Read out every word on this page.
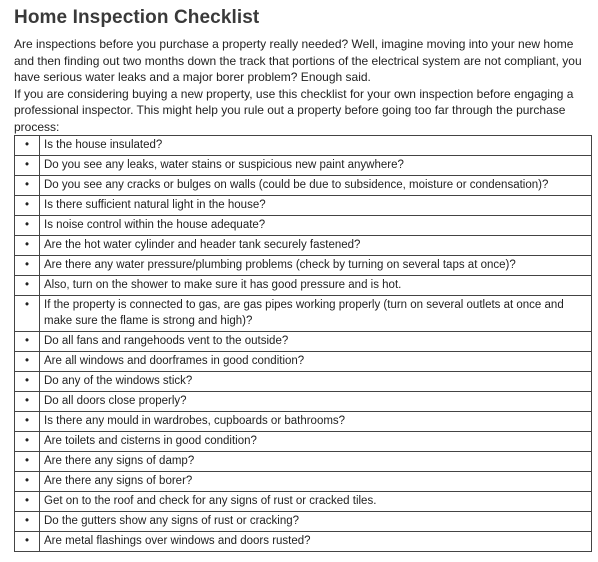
Home Inspection Checklist

Are inspections before you purchase a property really needed? Well, imagine moving into your new home and then finding out two months down the track that portions of the electrical system are not compliant, you have serious water leaks and a major borer problem? Enough said.

If you are considering buying a new property, use this checklist for your own inspection before engaging a professional inspector. This might help you rule out a property before going too far through the purchase process:

•	Is the house insulated?
•	Do you see any leaks, water stains or suspicious new paint anywhere?
•	Do you see any cracks or bulges on walls (could be due to subsidence, moisture or condensation)?
•	Is there sufficient natural light in the house?
•	Is noise control within the house adequate?
•	Are the hot water cylinder and header tank securely fastened?
•	Are there any water pressure/plumbing problems (check by turning on several taps at once)?
•	Also, turn on the shower to make sure it has good pressure and is hot.
•	If the property is connected to gas, are gas pipes working properly (turn on several outlets at once and make sure the flame is strong and high)?
•	Do all fans and rangehoods vent to the outside?
•	Are all windows and doorframes in good condition?
•	Do any of the windows stick?
•	Do all doors close properly?
•	Is there any mould in wardrobes, cupboards or bathrooms?
•	Are toilets and cisterns in good condition?
•	Are there any signs of damp?
•	Are there any signs of borer?
•	Get on to the roof and check for any signs of rust or cracked tiles.
•	Do the gutters show any signs of rust or cracking?
•	Are metal flashings over windows and doors rusted?
